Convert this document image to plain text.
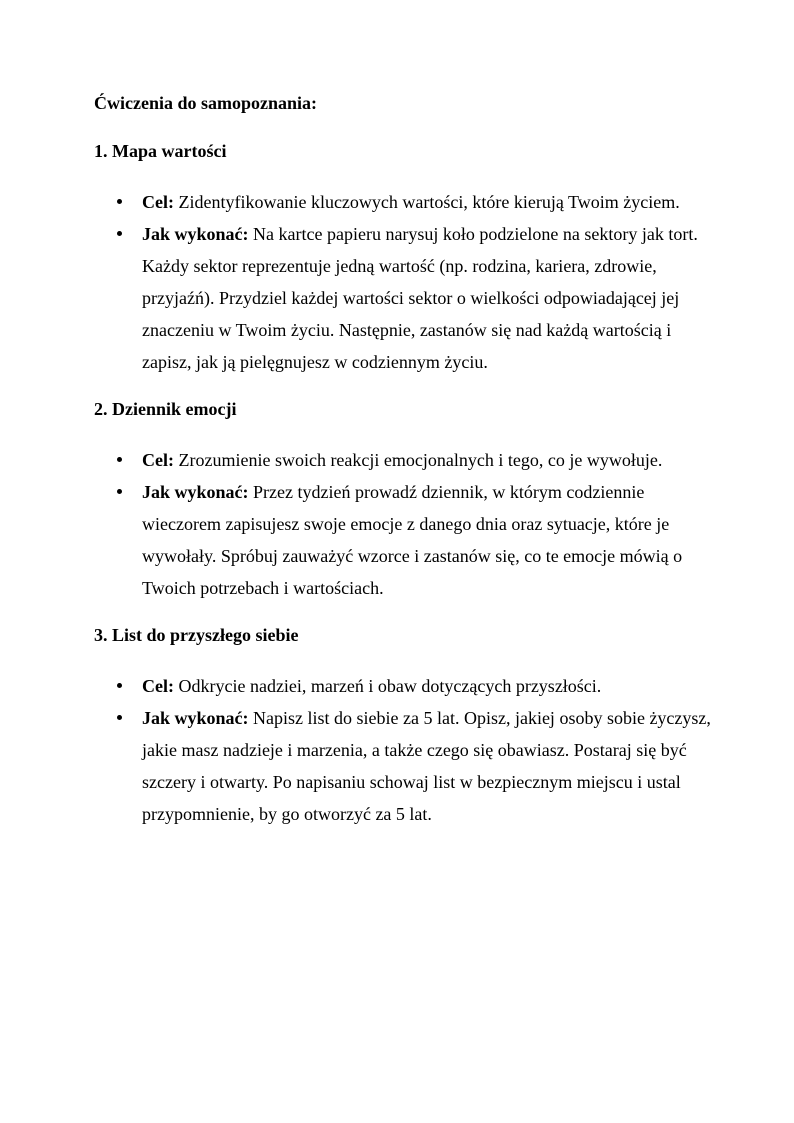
Ćwiczenia do samopoznania:

1. Mapa wartości

Cel: Zidentyfikowanie kluczowych wartości, które kierują Twoim życiem.
Jak wykonać: Na kartce papieru narysuj koło podzielone na sektory jak tort. Każdy sektor reprezentuje jedną wartość (np. rodzina, kariera, zdrowie, przyjaźń). Przydziel każdej wartości sektor o wielkości odpowiadającej jej znaczeniu w Twoim życiu. Następnie, zastanów się nad każdą wartością i zapisz, jak ją pielęgnujesz w codziennym życiu.

2. Dziennik emocji

Cel: Zrozumienie swoich reakcji emocjonalnych i tego, co je wywołuje.
Jak wykonać: Przez tydzień prowadź dziennik, w którym codziennie wieczorem zapisujesz swoje emocje z danego dnia oraz sytuacje, które je wywołały. Spróbuj zauważyć wzorce i zastanów się, co te emocje mówią o Twoich potrzebach i wartościach.

3. List do przyszłego siebie

Cel: Odkrycie nadziei, marzeń i obaw dotyczących przyszłości.
Jak wykonać: Napisz list do siebie za 5 lat. Opisz, jakiej osoby sobie życzysz, jakie masz nadzieje i marzenia, a także czego się obawiasz. Postaraj się być szczery i otwarty. Po napisaniu schowaj list w bezpiecznym miejscu i ustal przypomnienie, by go otworzyć za 5 lat.
